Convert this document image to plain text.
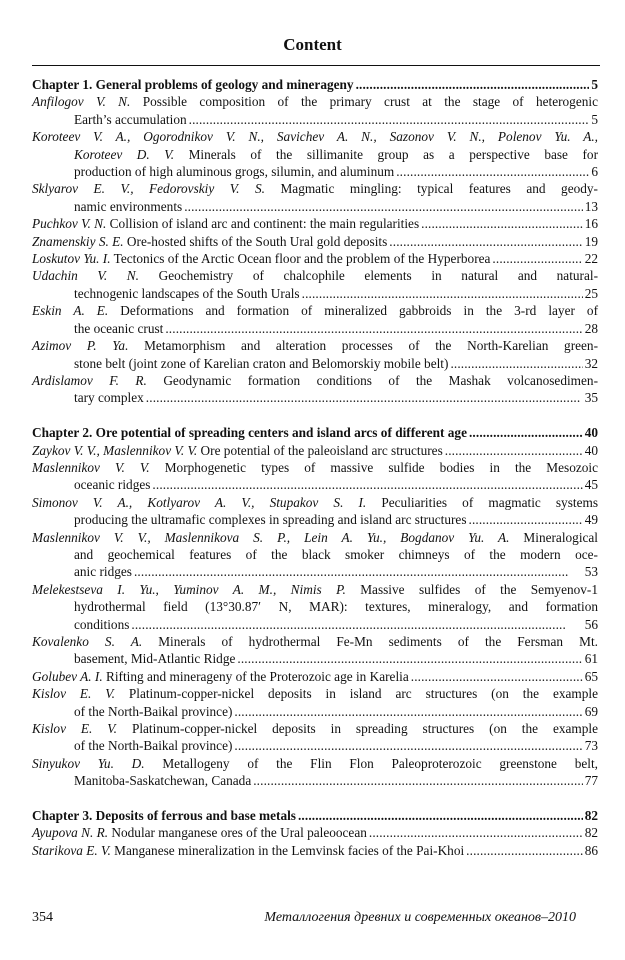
Content
Chapter 1. General problems of geology and minerageny . . .	5
Anfilogov V. N. Possible composition of the primary crust at the stage of heterogenic
Earth’s accumulation . . .	5
Koroteev V. A., Ogorodnikov V. N., Savichev A. N., Sazonov V. N., Polenov Yu. A.,
Koroteev D. V. Minerals of the sillimanite group as a perspective base for
production of high aluminous grogs, silumin, and aluminum . . .	6
Sklyarov E. V., Fedorovskiy V. S. Magmatic mingling: typical features and geody-
namic environments . . .	13
Puchkov V. N. Collision of island arc and continent: the main regularities . . .	16
Znamenskiy S. E. Ore-hosted shifts of the South Ural gold deposits . . .	19
Loskutov Yu. I. Tectonics of the Arctic Ocean floor and the problem of the Hyperborea . . .	22
Udachin V. N. Geochemistry of chalcophile elements in natural and natural-
technogenic landscapes of the South Urals . . .	25
Eskin A. E. Deformations and formation of mineralized gabbroids in the 3-rd layer of
the oceanic crust . . .	28
Azimov P. Ya. Metamorphism and alteration processes of the North-Karelian green-
stone belt (joint zone of Karelian craton and Belomorskiy mobile belt) . . .	32
Ardislamov F. R. Geodynamic formation conditions of the Mashak volcanosedimen-
tary complex . . .	35
Chapter 2. Ore potential of spreading centers and island arcs of different age . . .	40
Zaykov V. V., Maslennikov V. V. Ore potential of the paleoisland arc structures . . .	40
Maslennikov V. V. Morphogenetic types of massive sulfide bodies in the Mesozoic
oceanic ridges . . .	45
Simonov V. A., Kotlyarov A. V., Stupakov S. I. Peculiarities of magmatic systems
producing the ultramafic complexes in spreading and island arc structures . . .	49
Maslennikov V. V., Maslennikova S. P., Lein A. Yu., Bogdanov Yu. A. Mineralogical
and geochemical features of the black smoker chimneys of the modern oce-
anic ridges . . .	53
Melekestseva I. Yu., Yuminov A. M., Nimis P. Massive sulfides of the Semyenov-1
hydrothermal field (13°30.87′ N, MAR): textures, mineralogy, and formation
conditions . . .	56
Kovalenko S. A. Minerals of hydrothermal Fe-Mn sediments of the Fersman Mt.
basement, Mid-Atlantic Ridge . . .	61
Golubev A. I. Rifting and minerageny of the Proterozoic age in Karelia . . .	65
Kislov E. V. Platinum-copper-nickel deposits in island arc structures (on the example
of the North-Baikal province) . . .	69
Kislov E. V. Platinum-copper-nickel deposits in spreading structures (on the example
of the North-Baikal province) . . .	73
Sinyukov Yu. D. Metallogeny of the Flin Flon Paleoproterozoic greenstone belt,
Manitoba-Saskatchewan, Canada . . .	77
Chapter 3. Deposits of ferrous and base metals . . .	82
Ayupova N. R. Nodular manganese ores of the Ural paleoocean . . .	82
Starikova E. V. Manganese mineralization in the Lemvinsk facies of the Pai-Khoi . . .	86
354	Металлогения древних и современных океанов–2010
